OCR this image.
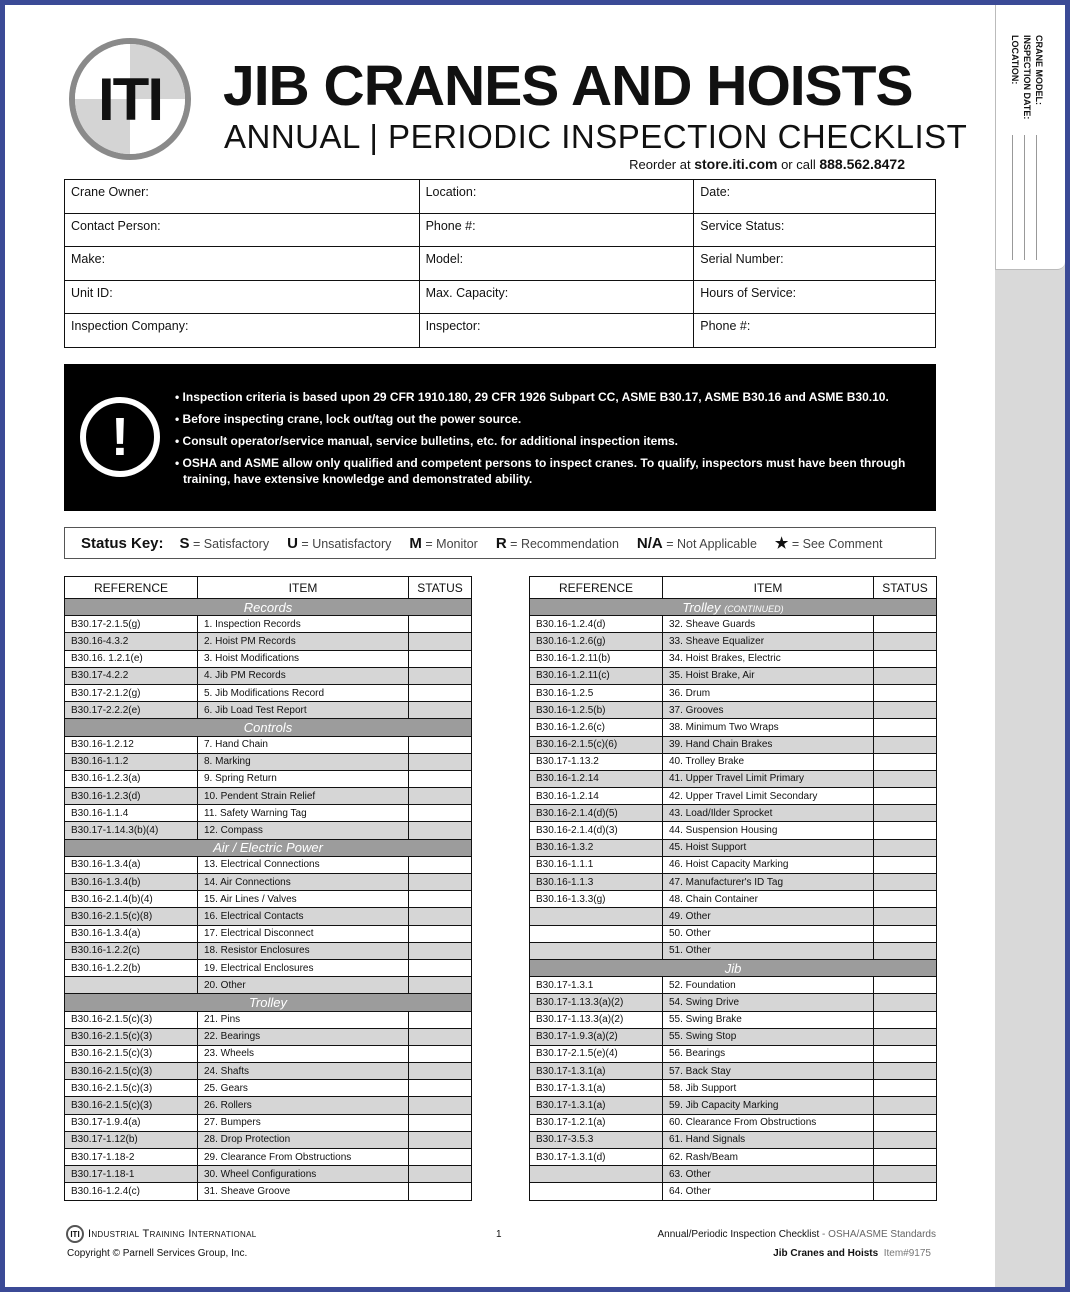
CRANE MODEL:
INSPECTION DATE:
LOCATION:
ITI	JIB CRANES AND HOISTS
ANNUAL | PERIODIC INSPECTION CHECKLIST
Reorder at store.iti.com or call 888.562.8472
Crane Owner:	Location:	Date:
Contact Person:	Phone #:	Service Status:
Make:	Model:	Serial Number:
Unit ID:	Max. Capacity:	Hours of Service:
Inspection Company:	Inspector:	Phone #:
!
• Inspection criteria is based upon 29 CFR 1910.180, 29 CFR 1926 Subpart CC, ASME B30.17, ASME B30.16 and ASME B30.10.
• Before inspecting crane, lock out/tag out the power source.
• Consult operator/service manual, service bulletins, etc. for additional inspection items.
• OSHA and ASME allow only qualified and competent persons to inspect cranes. To qualify, inspectors must have been through training, have extensive knowledge and demonstrated ability.
Status Key: S = Satisfactory U = Unsatisfactory M = Monitor R = Recommendation N/A = Not Applicable ★ = See Comment
REFERENCE	ITEM	STATUS
Records		
B30.17-2.1.5(g)	1. Inspection Records	
B30.16-4.3.2	2. Hoist PM Records	
B30.16. 1.2.1(e)	3. Hoist Modifications	
B30.17-4.2.2	4. Jib PM Records	
B30.17-2.1.2(g)	5. Jib Modifications Record	
B30.17-2.2.2(e)	6. Jib Load Test Report	
Controls		
B30.16-1.2.12	7. Hand Chain	
B30.16-1.1.2	8. Marking	
B30.16-1.2.3(a)	9. Spring Return	
B30.16-1.2.3(d)	10. Pendent Strain Relief	
B30.16-1.1.4	11. Safety Warning Tag	
B30.17-1.14.3(b)(4)	12. Compass	
Air / Electric Power		
B30.16-1.3.4(a)	13. Electrical Connections	
B30.16-1.3.4(b)	14. Air Connections	
B30.16-2.1.4(b)(4)	15. Air Lines / Valves	
B30.16-2.1.5(c)(8)	16. Electrical Contacts	
B30.16-1.3.4(a)	17. Electrical Disconnect	
B30.16-1.2.2(c)	18. Resistor Enclosures	
B30.16-1.2.2(b)	19. Electrical Enclosures	
	20. Other	
Trolley		
B30.16-2.1.5(c)(3)	21. Pins	
B30.16-2.1.5(c)(3)	22. Bearings	
B30.16-2.1.5(c)(3)	23. Wheels	
B30.16-2.1.5(c)(3)	24. Shafts	
B30.16-2.1.5(c)(3)	25. Gears	
B30.16-2.1.5(c)(3)	26. Rollers	
B30.17-1.9.4(a)	27. Bumpers	
B30.17-1.12(b)	28. Drop Protection	
B30.17-1.18-2	29. Clearance From Obstructions	
B30.17-1.18-1	30. Wheel Configurations	
B30.16-1.2.4(c)	31. Sheave Groove	
REFERENCE	ITEM	STATUS
Trolley (CONTINUED)		
B30.16-1.2.4(d)	32. Sheave Guards	
B30.16-1.2.6(g)	33. Sheave Equalizer	
B30.16-1.2.11(b)	34. Hoist Brakes, Electric	
B30.16-1.2.11(c)	35. Hoist Brake, Air	
B30.16-1.2.5	36. Drum	
B30.16-1.2.5(b)	37. Grooves	
B30.16-1.2.6(c)	38. Minimum Two Wraps	
B30.16-2.1.5(c)(6)	39. Hand Chain Brakes	
B30.17-1.13.2	40. Trolley Brake	
B30.16-1.2.14	41. Upper Travel Limit Primary	
B30.16-1.2.14	42. Upper Travel Limit Secondary	
B30.16-2.1.4(d)(5)	43. Load/Ilder Sprocket	
B30.16-2.1.4(d)(3)	44. Suspension Housing	
B30.16-1.3.2	45. Hoist Support	
B30.16-1.1.1	46. Hoist Capacity Marking	
B30.16-1.1.3	47. Manufacturer's ID Tag	
B30.16-1.3.3(g)	48. Chain Container	
	49. Other	
	50. Other	
	51. Other	
Jib		
B30.17-1.3.1	52. Foundation	
B30.17-1.13.3(a)(2)	54. Swing Drive	
B30.17-1.13.3(a)(2)	55. Swing Brake	
B30.17-1.9.3(a)(2)	55. Swing Stop	
B30.17-2.1.5(e)(4)	56. Bearings	
B30.17-1.3.1(a)	57. Back Stay	
B30.17-1.3.1(a)	58. Jib Support	
B30.17-1.3.1(a)	59. Jib Capacity Marking	
B30.17-1.2.1(a)	60. Clearance From Obstructions	
B30.17-3.5.3	61. Hand Signals	
B30.17-1.3.1(d)	62. Rash/Beam	
	63. Other	
	64. Other	
ITI Industrial Training International
Copyright © Parnell Services Group, Inc.
1	Annual/Periodic Inspection Checklist - OSHA/ASME Standards
Jib Cranes and Hoists Item#9175
